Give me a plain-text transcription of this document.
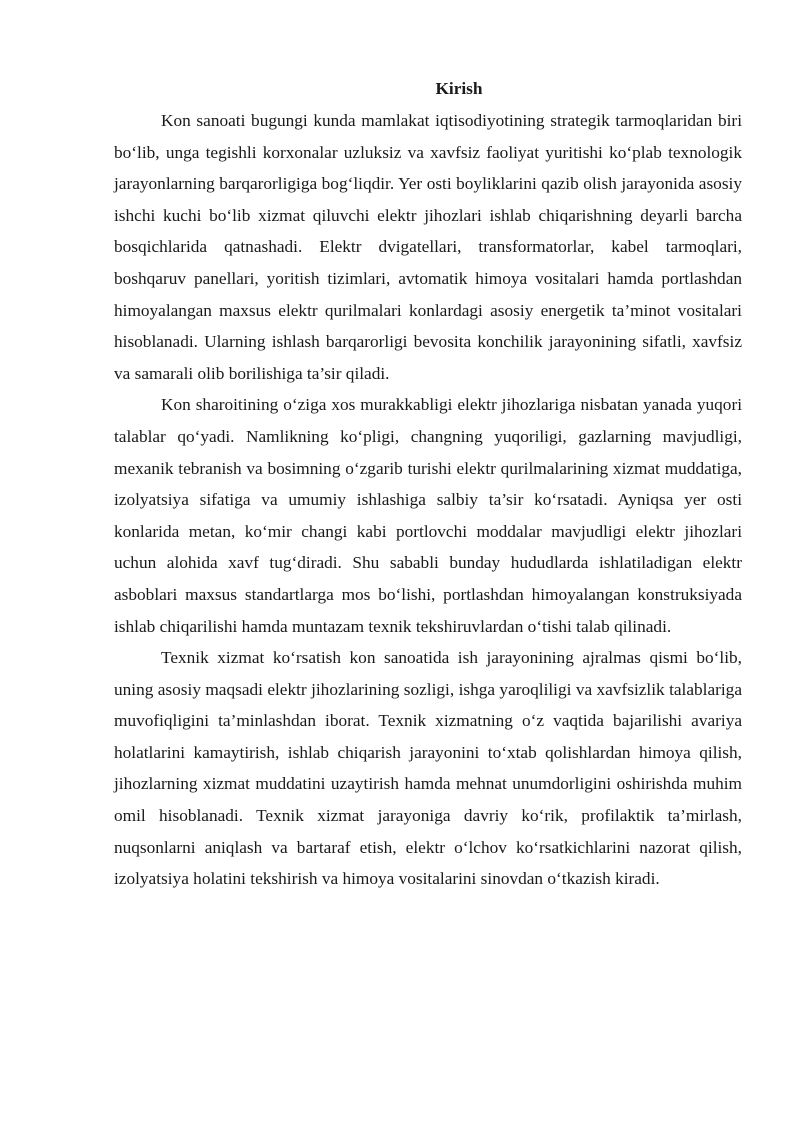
Kirish

Kon sanoati bugungi kunda mamlakat iqtisodiyotining strategik tarmoqlaridan biri bo‘lib, unga tegishli korxonalar uzluksiz va xavfsiz faoliyat yuritishi ko‘plab texnologik jarayonlarning barqarorligiga bog‘liqdir. Yer osti boyliklarini qazib olish jarayonida asosiy ishchi kuchi bo‘lib xizmat qiluvchi elektr jihozlari ishlab chiqarishning deyarli barcha bosqichlarida qatnashadi. Elektr dvigatellari, transformatorlar, kabel tarmoqlari, boshqaruv panellari, yoritish tizimlari, avtomatik himoya vositalari hamda portlashdan himoyalangan maxsus elektr qurilmalari konlardagi asosiy energetik ta’minot vositalari hisoblanadi. Ularning ishlash barqarorligi bevosita konchilik jarayonining sifatli, xavfsiz va samarali olib borilishiga ta’sir qiladi.

Kon sharoitining o‘ziga xos murakkabligi elektr jihozlariga nisbatan yanada yuqori talablar qo‘yadi. Namlikning ko‘pligi, changning yuqoriligi, gazlarning mavjudligi, mexanik tebranish va bosimning o‘zgarib turishi elektr qurilmalarining xizmat muddatiga, izolyatsiya sifatiga va umumiy ishlashiga salbiy ta’sir ko‘rsatadi. Ayniqsa yer osti konlarida metan, ko‘mir changi kabi portlovchi moddalar mavjudligi elektr jihozlari uchun alohida xavf tug‘diradi. Shu sababli bunday hududlarda ishlatiladigan elektr asboblari maxsus standartlarga mos bo‘lishi, portlashdan himoyalangan konstruksiyada ishlab chiqarilishi hamda muntazam texnik tekshiruvlardan o‘tishi talab qilinadi.

Texnik xizmat ko‘rsatish kon sanoatida ish jarayonining ajralmas qismi bo‘lib, uning asosiy maqsadi elektr jihozlarining sozligi, ishga yaroqliligi va xavfsizlik talablariga muvofiqligini ta’minlashdan iborat. Texnik xizmatning o‘z vaqtida bajarilishi avariya holatlarini kamaytirish, ishlab chiqarish jarayonini to‘xtab qolishlardan himoya qilish, jihozlarning xizmat muddatini uzaytirish hamda mehnat unumdorligini oshirishda muhim omil hisoblanadi. Texnik xizmat jarayoniga davriy ko‘rik, profilaktik ta’mirlash, nuqsonlarni aniqlash va bartaraf etish, elektr o‘lchov ko‘rsatkichlarini nazorat qilish, izolyatsiya holatini tekshirish va himoya vositalarini sinovdan o‘tkazish kiradi.
